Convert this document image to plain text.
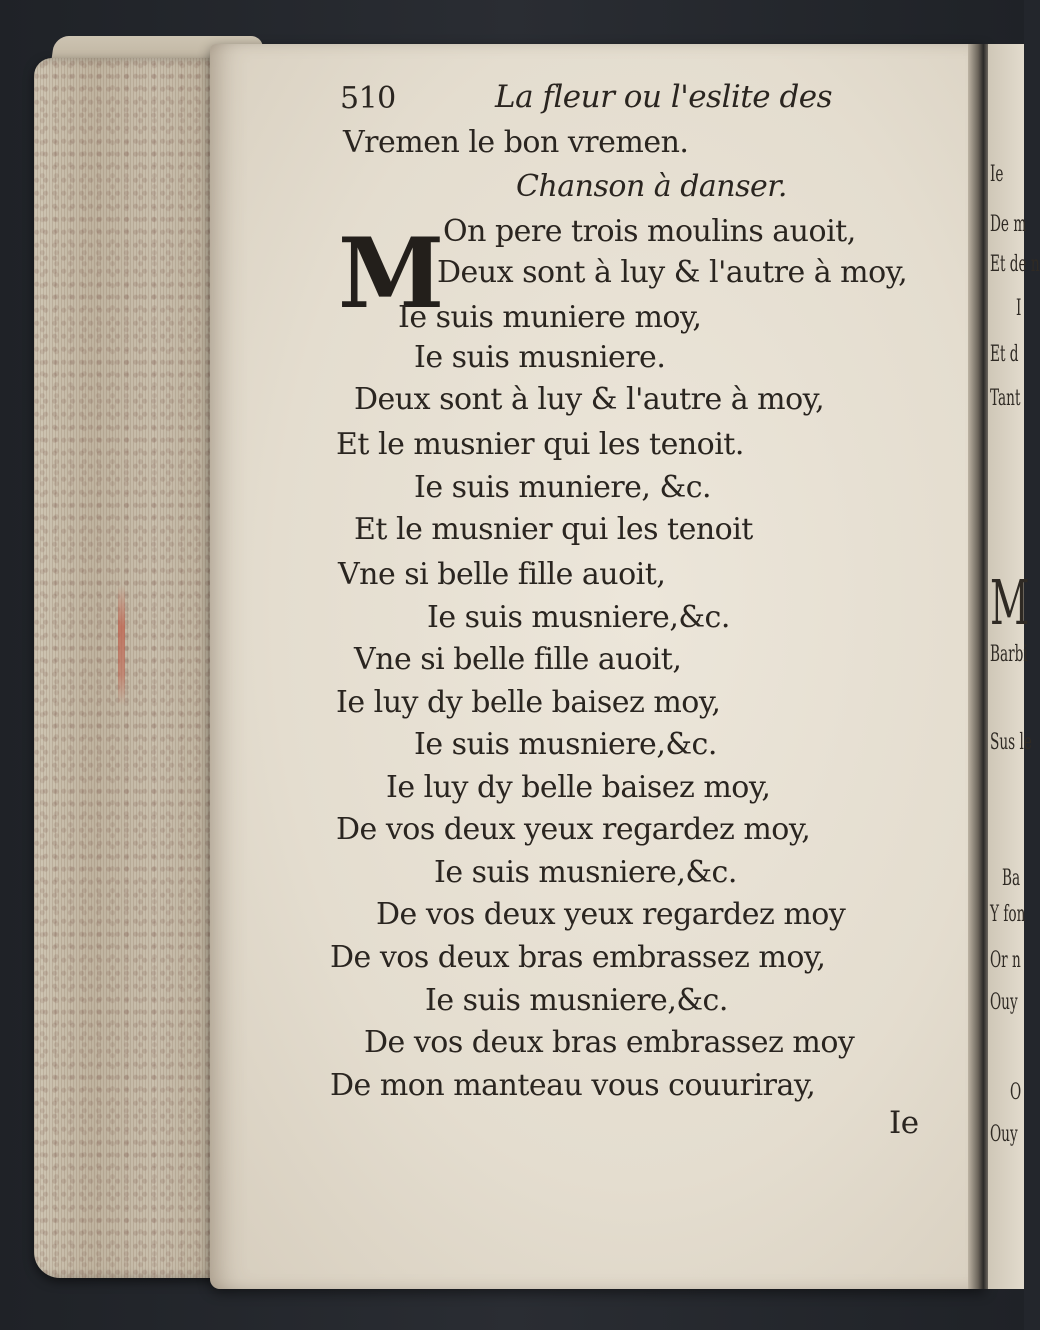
Ie
De m
Et de n
I
Et d
Tant
M
Barbi
Sus le
Ba
Y fon
Or n
Ouy
O
Ouy
510	La fleur ou l'eslite des
Vremen le bon vremen.
Chanson à danser.
M
On pere trois moulins auoit,
Deux sont à luy & l'autre à moy,
Ie suis muniere moy,
Ie suis musniere.
Deux sont à luy & l'autre à moy,
Et le musnier qui les tenoit.
Ie suis muniere, &c.
Et le musnier qui les tenoit
Vne si belle fille auoit,
Ie suis musniere,&c.
Vne si belle fille auoit,
Ie luy dy belle baisez moy,
Ie suis musniere,&c.
Ie luy dy belle baisez moy,
De vos deux yeux regardez moy,
Ie suis musniere,&c.
De vos deux yeux regardez moy
De vos deux bras embrassez moy,
Ie suis musniere,&c.
De vos deux bras embrassez moy
De mon manteau vous couuriray,
Ie
